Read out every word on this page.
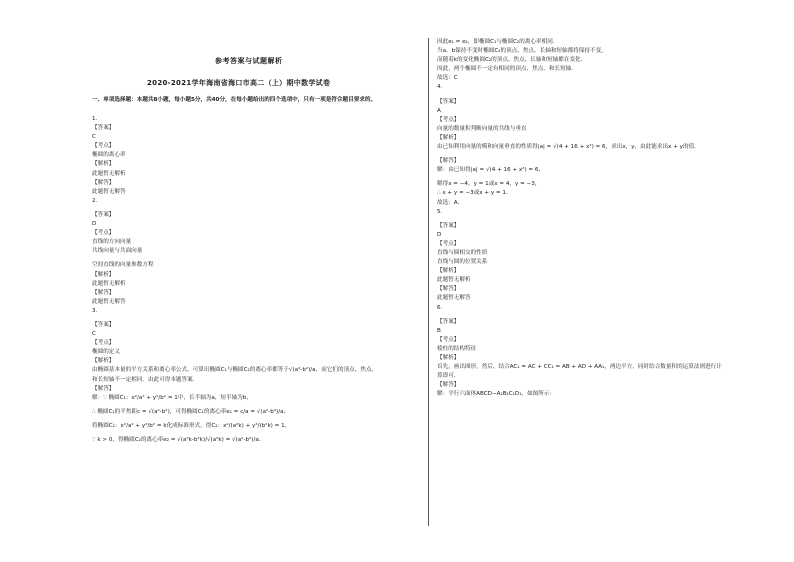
参考答案与试题解析
2020-2021学年海南省海口市高二（上）期中数学试卷
一、单项选择题：本题共8小题，每小题5分，共40分，在每小题给出的四个选项中，只有一项是符合题目要求的。
1.
【答案】
C
【考点】
椭圆的离心率
【解析】
此题暂无解析
【解答】
此题暂无解答
2.
【答案】
D
【考点】
直线的方向向量
共线向量与共面向量
空间直线的向量参数方程
【解析】
此题暂无解析
【解答】
此题暂无解答
3.
【答案】
C
【考点】
椭圆的定义
【解析】
由椭圆基本量的平方关系和离心率公式，可算出椭圆C₁与椭圆C₂的离心率都等于√(a²-b²)/a，而它们的顶点、焦点、
和长短轴不一定相同．由此可得本题答案．
【解答】
解：∵ 椭圆C₁：x²/a² + y²/b² = 1中，长半轴为a，短半轴为b，
∴ 椭圆C₁的半焦距c = √(a²-b²)，可得椭圆C₁的离心率e₁ = c/a = √(a²-b²)/a；
将椭圆C₂：x²/a² + y²/b² = k化成标准形式，得C₂：x²/(a²k) + y²/(b²k) = 1，
∵ k > 0，得椭圆C₂的离心率e₂ = √(a²k-b²k)/√(a²k) = √(a²-b²)/a．
因此e₁ = e₂，即椭圆C₁与椭圆C₂的离心率相同．
当a、b保持不变时椭圆C₂的顶点、焦点、长轴和短轴都将保持不变，
而随着k的变化椭圆C₂的顶点、焦点、长轴和短轴都在变化．
因此，两个椭圆不一定有相同的顶点、焦点、和长短轴．
故选：C
4.
【答案】
A
【考点】
向量的数量积判断向量的共线与垂直
【解析】
由已知利用向量的模和向量垂直的性质得|a| = √(4 + 16 + x²) = 6，求出x，y，由此能求出x + y的值．
【解答】
解：由已知得|a| = √(4 + 16 + x²) = 6，
解得x = −4，y = 1或x = 4，y = −3，
∴ x + y = −3或x + y = 1．
故选：A．
5.
【答案】
D
【考点】
直线与圆相交的性质
直线与圆的位置关系
【解析】
此题暂无解析
【解答】
此题暂无解答
6.
【答案】
B
【考点】
棱柱的结构特征
【解析】
首先，画出图形，然后，结合AC₁ = AC + CC₁ = AB + AD + AA₁，两边平方，同时结合数量积的运算法则进行计
算即可．
【解答】
解：平行六面体ABCD−A₁B₁C₁D₁，如图所示：
